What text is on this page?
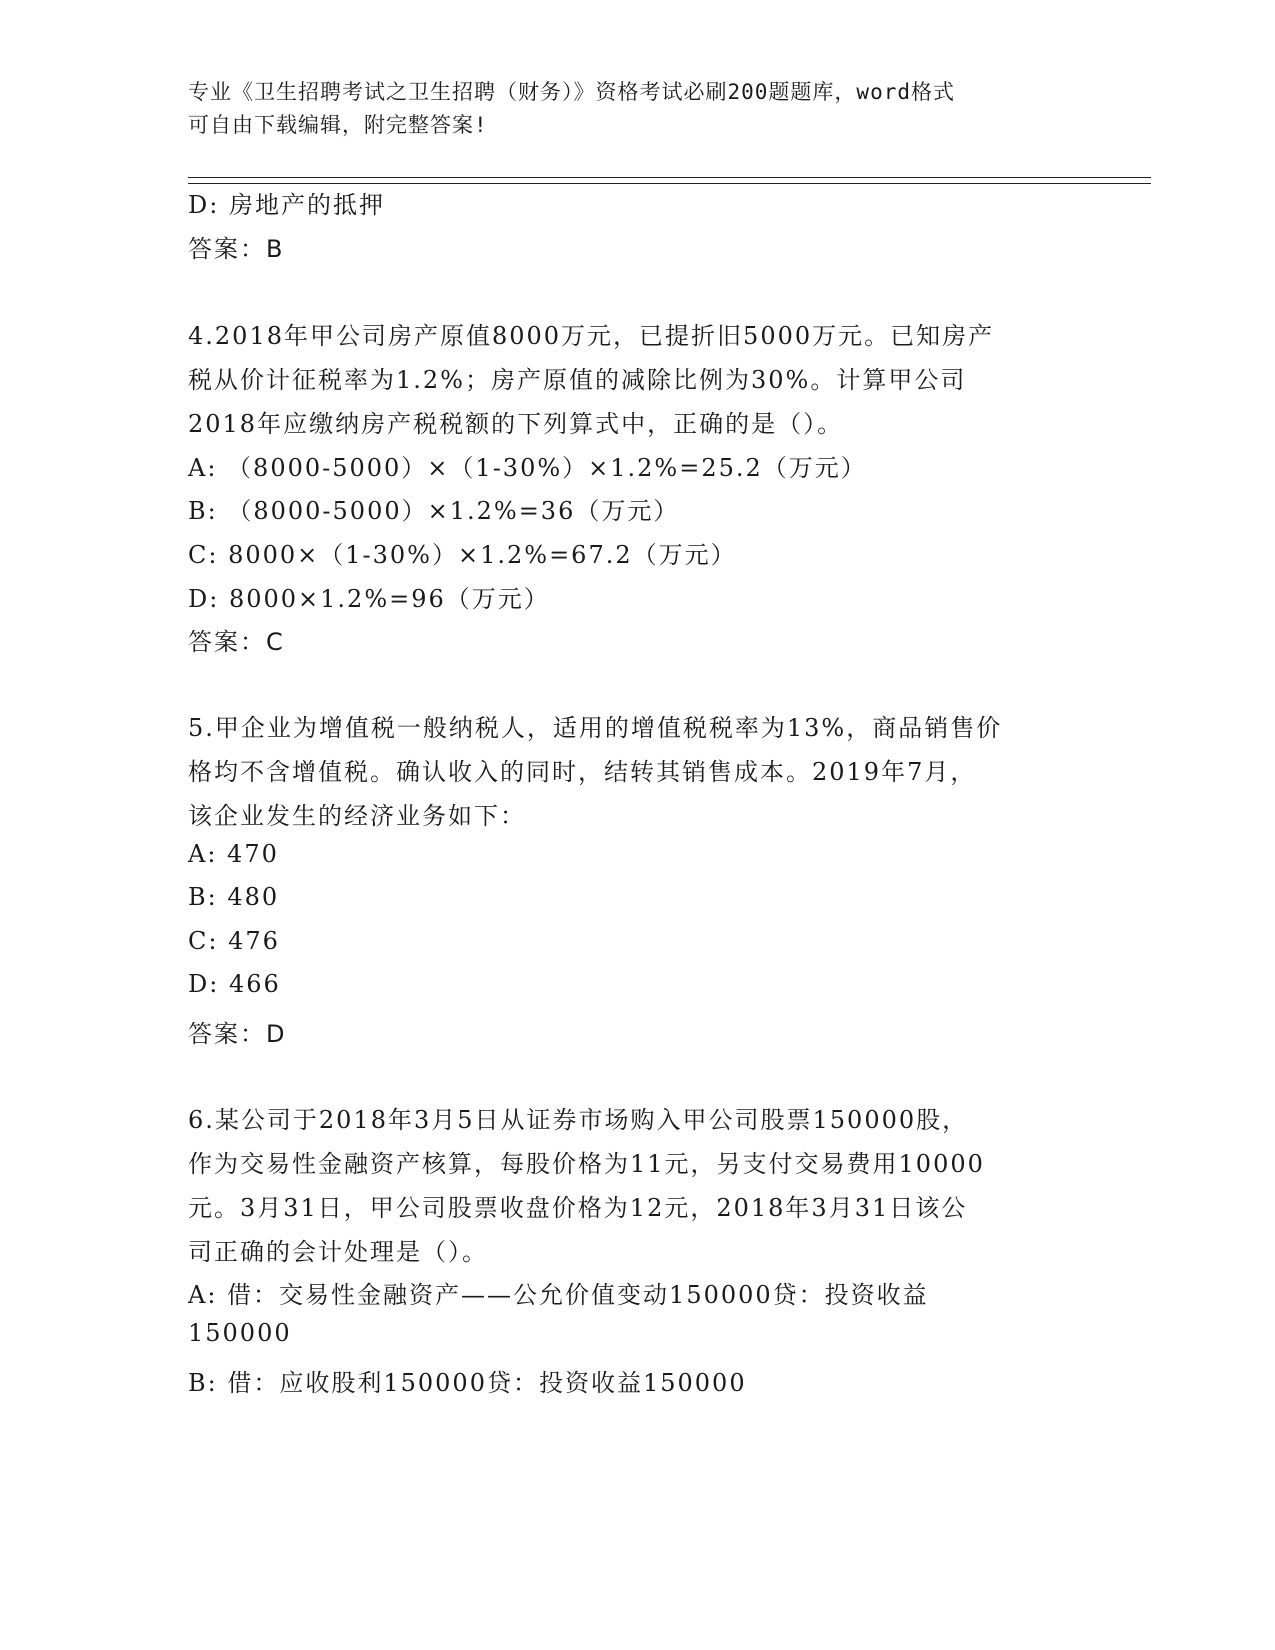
专业《卫生招聘考试之卫生招聘（财务）》资格考试必刷200题题库，word格式
可自由下载编辑，附完整答案!
D: 房地产的抵押
答案：B
4.2018年甲公司房产原值8000万元，已提折旧5000万元。已知房产
税从价计征税率为1.2%；房产原值的减除比例为30%。计算甲公司
2018年应缴纳房产税税额的下列算式中，正确的是（）。
A: （8000-5000）×（1-30%）×1.2%=25.2（万元）
B: （8000-5000）×1.2%=36（万元）
C: 8000×（1-30%）×1.2%=67.2（万元）
D: 8000×1.2%=96（万元）
答案：C
5.甲企业为增值税一般纳税人，适用的增值税税率为13%，商品销售价
格均不含增值税。确认收入的同时，结转其销售成本。2019年7月，
该企业发生的经济业务如下：
A: 470
B: 480
C: 476
D: 466
答案：D
6.某公司于2018年3月5日从证券市场购入甲公司股票150000股，
作为交易性金融资产核算，每股价格为11元，另支付交易费用10000
元。3月31日，甲公司股票收盘价格为12元，2018年3月31日该公
司正确的会计处理是（）。
A: 借：交易性金融资产——公允价值变动150000贷：投资收益
150000
B: 借：应收股利150000贷：投资收益150000
